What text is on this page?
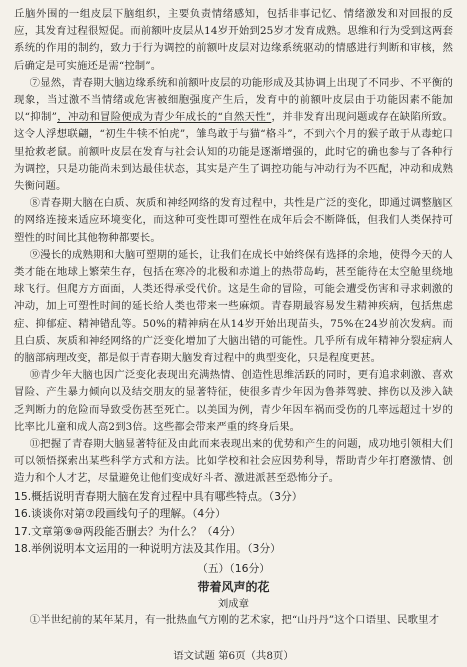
丘脑外围的一组皮层下脑组织，主要负责情绪感知，包括非事记忆、情绪激发和对回报的反应，其发育过程很短促。而前额叶皮层从14岁开始到25岁才发育成熟。思维和行为受到这两套系统的作用的制约，致力于行为调控的前额叶皮层对边缘系统驱动的情感进行判断和审核，然后确定是可实施还是需“控制”。

⑦显然，青春期大脑边缘系统和前额叶皮层的功能形成及其协调上出现了不同步、不平衡的现象，当过激不当情绪或危害被细胞强度产生后，发育中的前额叶皮层由于功能因素不能加以“抑制”，冲动和冒险便成为青少年成长的“自然天性”，并非发育出现问题或存在缺陷所致。这令人浮想联翩，“初生牛犊不怕虎”，雏鸟敢于与猫“格斗”，不到六个月的猴子敢于从毒蛇口里抢救老鼠。前额叶皮层在发育与社会认知的功能是逐渐增强的，此时它的确也参与了各种行为调控，只是功能尚未到达最佳状态，其实是产生了调控功能与冲动行为不匹配，冲动和成熟失衡问题。

⑧青春期大脑在白质、灰质和神经网络的发育过程中，共性是广泛的变化，即通过调整脑区的网络连接来适应环境变化，而这种可变性即可塑性在成年后会不断降低，但我们人类保持可塑性的时间比其他物种都要长。

⑨漫长的成熟期和大脑可塑期的延长，让我们在成长中始终保有选择的余地，使得今天的人类才能在地球上繁荣生存，包括在寒冷的北极和赤道上的热带岛屿，甚至能待在太空舱里绕地球飞行。但爬方方面面，人类还得承受代价。这是生命的冒险，可能会遭受伤害和寻求刺激的冲动，加上可塑性时间的延长给人类也带来一些麻烦。青春期最容易发生精神疾病，包括焦虑症、抑郁症、精神错乱等。50%的精神病在从14岁开始出现苗头，75%在24岁前次发病。而且白质、灰质和神经网络的广泛变化增加了大脑出错的可能性。几乎所有成年精神分裂症病人的脑部病理改变，都是似于青春期大脑发育过程中的典型变化，只是程度更甚。

⑩青少年大脑也因广泛变化表现出充满热情、创造性思维活跃的同时，更有追求刺激、喜欢冒险、产生暴力倾向以及结交朋友的显著特征，使很多青少年因为鲁莽驾驶、摔伤以及涉入缺乏判断力的危险而导致受伤甚至死亡。以美国为例，青少年因车祸而受伤的几率远超过十岁的比率比儿童和成人高2到3倍。这些都会带来严重的终身后果。

⑪把握了青春期大脑显著特征及由此而来表现出来的优势和产生的问题，成功地引领相大们可以领悟探索出某些科学方式和方法。比如学校和社会应因势利导，帮助青少年打磨激情、创造力和个人才艺，尽量避免让他们变成好斗者、激进派甚至恐怖分子。

15.概括说明青春期大脑在发育过程中具有哪些特点。（3分）

16.谈谈你对第⑦段画线句子的理解。（4分）

17.文章第⑨⑩两段能否删去？为什么？（4分）

18.举例说明本文运用的一种说明方法及其作用。（3分）

（五）（16分）
带着风声的花
刘成章

①半世纪前的某年某月，有一批热血气方刚的艺术家，把“山丹丹”这个口语里、民歌里才

语文试题 第6页（共8页）
